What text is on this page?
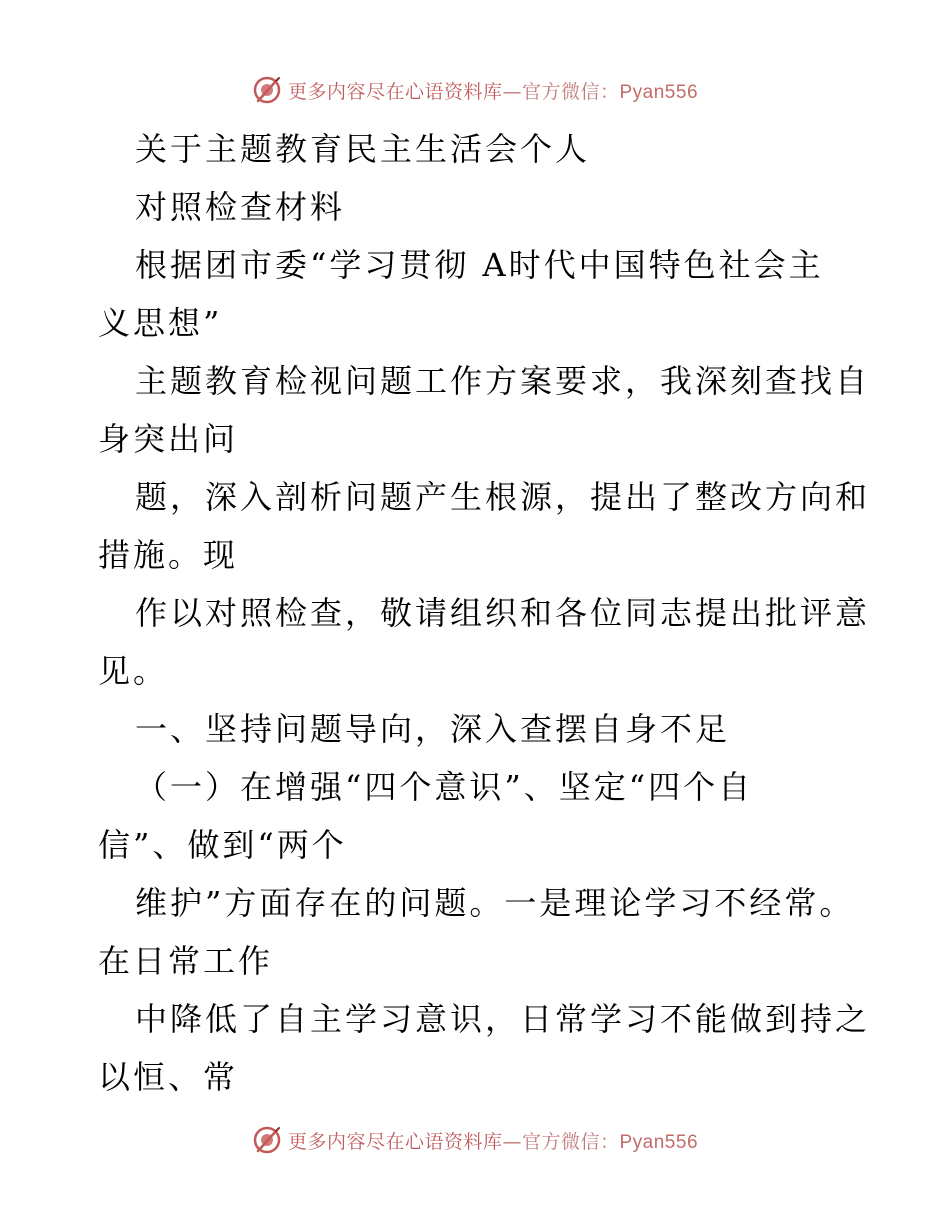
更多内容尽在心语资料库—官方微信：Pyan556
关于主题教育民主生活会个人
对照检查材料
根据团市委“学习贯彻 A时代中国特色社会主
义思想”
主题教育检视问题工作方案要求，我深刻查找自
身突出问
题，深入剖析问题产生根源，提出了整改方向和
措施。现
作以对照检查，敬请组织和各位同志提出批评意
见。
一、坚持问题导向，深入查摆自身不足
（一）在增强“四个意识”、坚定“四个自
信”、做到“两个
维护”方面存在的问题。一是理论学习不经常。
在日常工作
中降低了自主学习意识，日常学习不能做到持之
以恒、常
更多内容尽在心语资料库—官方微信：Pyan556
